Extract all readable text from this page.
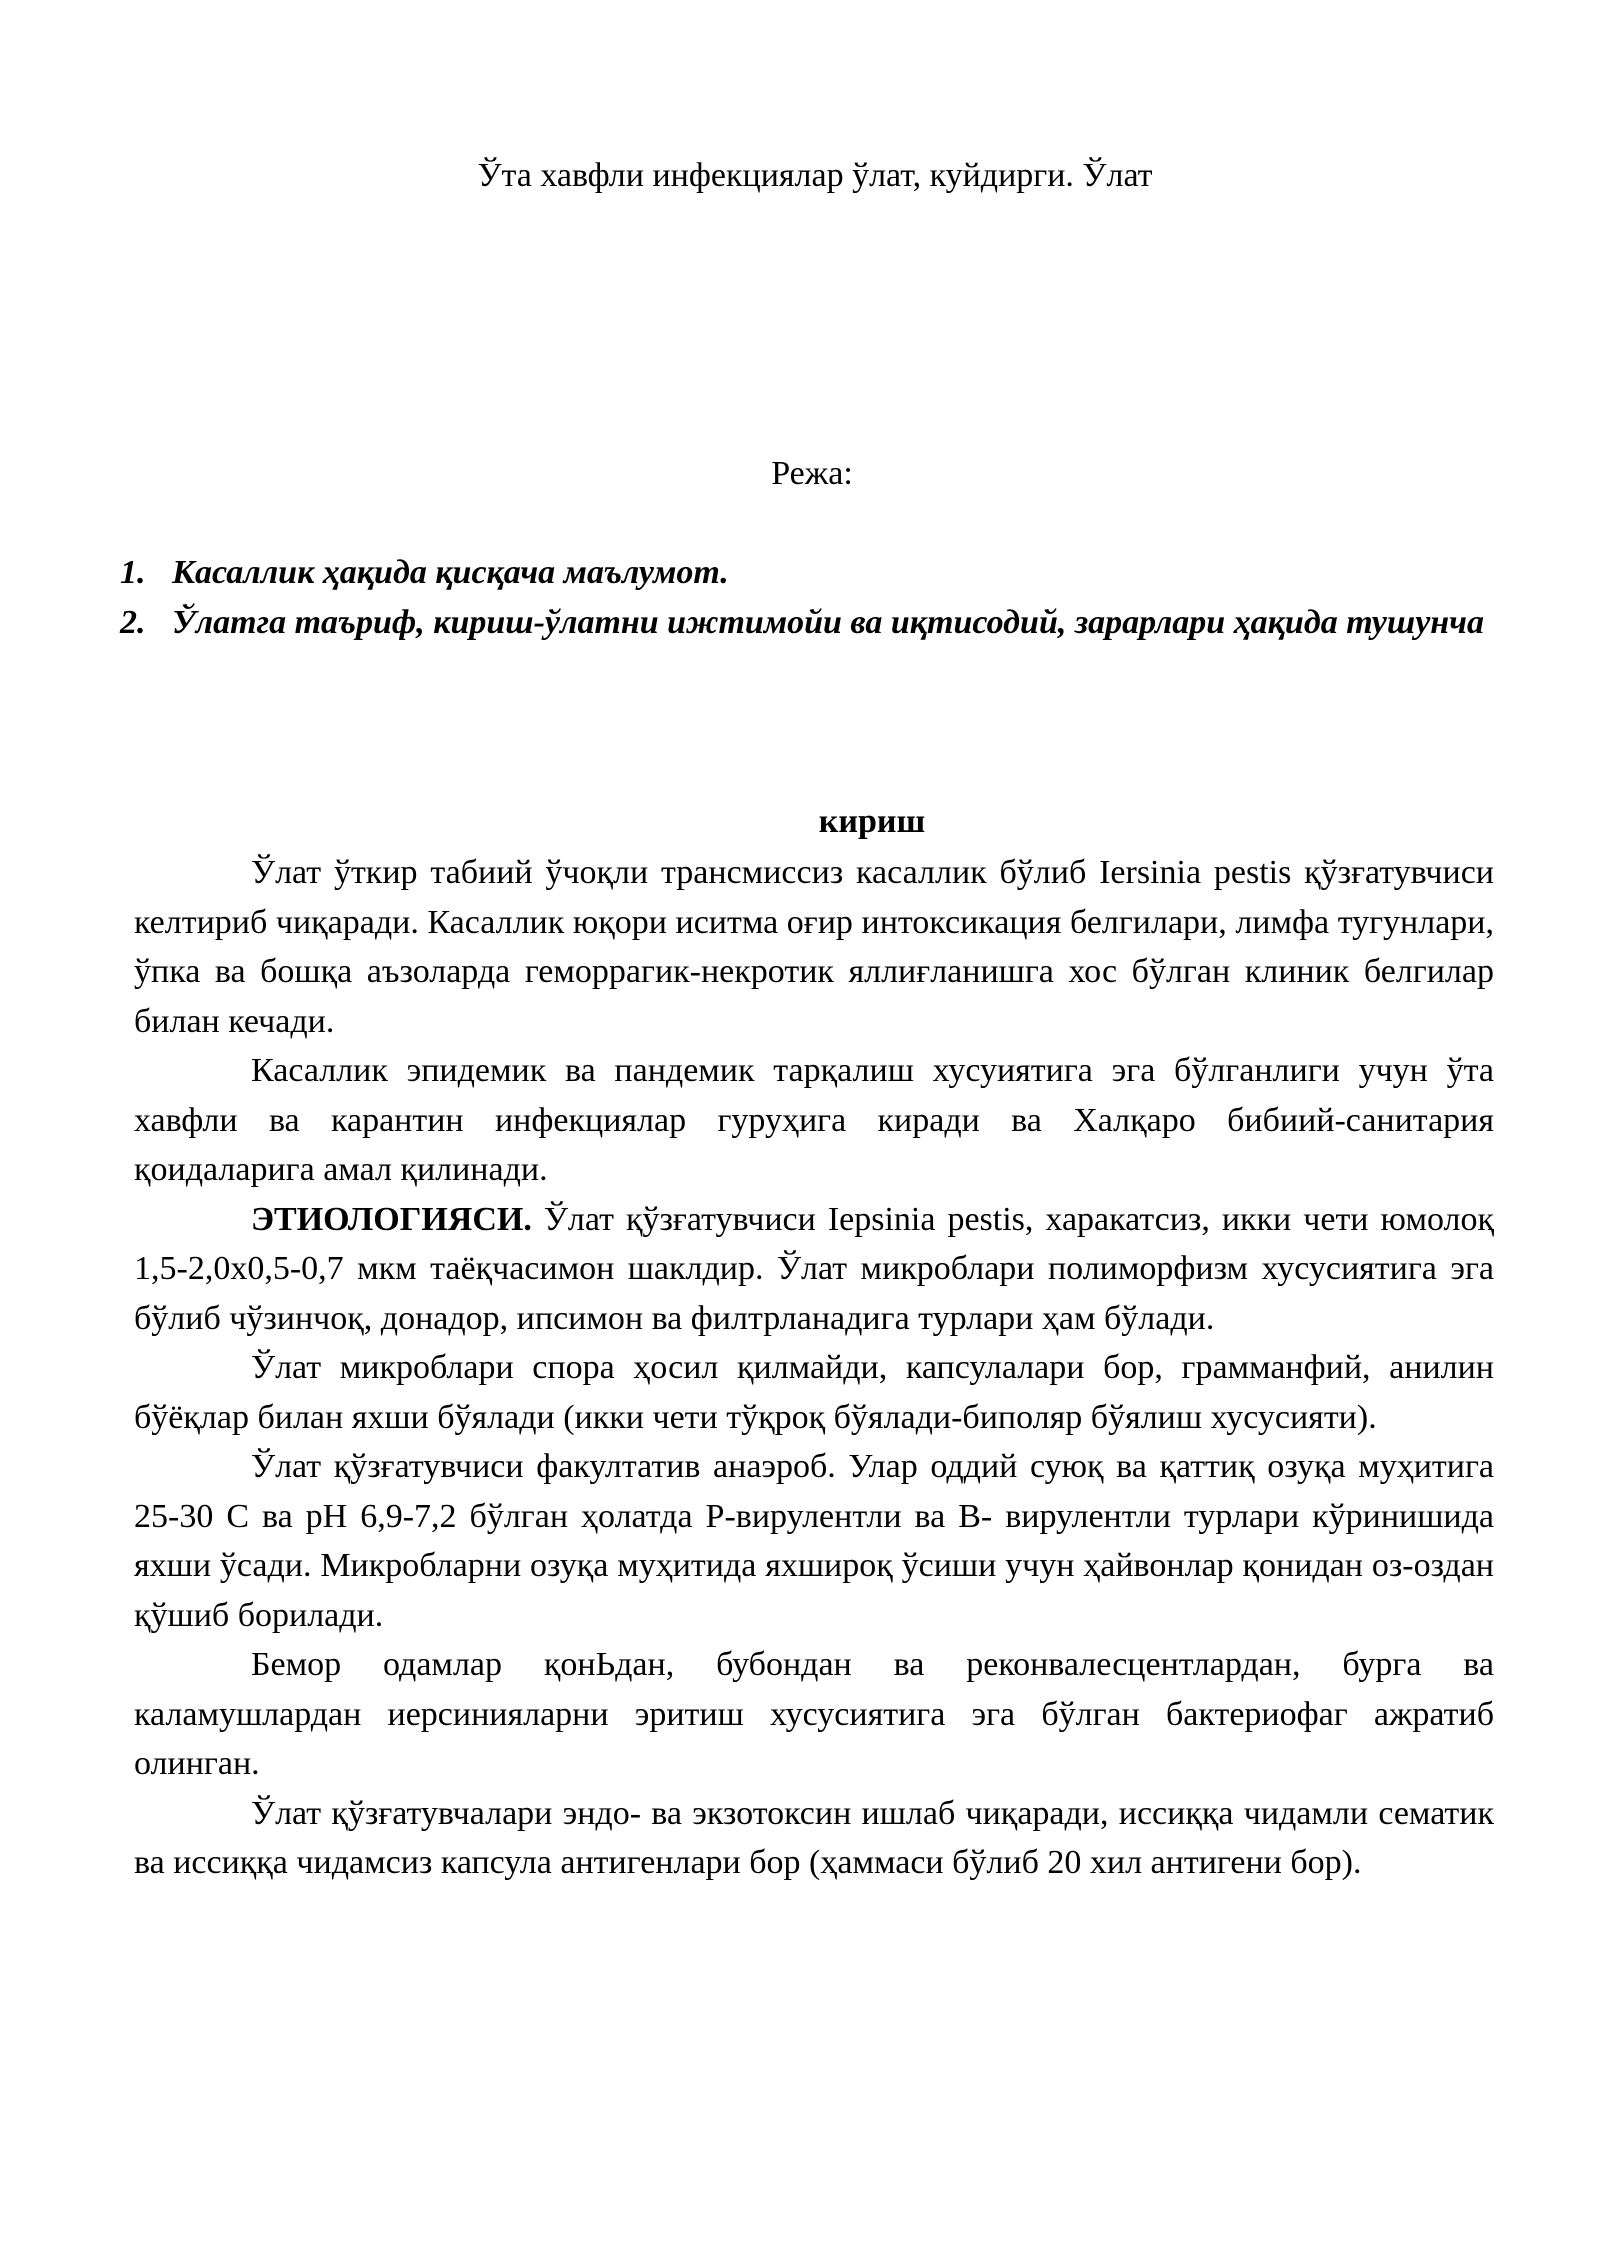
Ўта хавфли инфекциялар ўлат, куйдирги. Ўлат
Режа:
1. Касаллик ҳақида қисқача маълумот.
2. Ўлатга таъриф, кириш-ўлатни ижтимойи ва иқтисодий, зарарлари ҳақида тушунча
кириш

Ўлат ўткир табиий ўчоқли трансмиссиз касаллик бўлиб Iersinia pestis қўзғатувчиси келтириб чиқаради. Касаллик юқори иситма оғир интоксикация белгилари, лимфа тугунлари, ўпка ва бошқа аъзоларда геморрагик-некротик яллиғланишга хос бўлган клиник белгилар билан кечади.

Касаллик эпидемик ва пандемик тарқалиш хусуиятига эга бўлганлиги учун ўта хавфли ва карантин инфекциялар гуруҳига киради ва Халқаро бибиий-санитария қоидаларига амал қилинади.

ЭТИОЛОГИЯСИ. Ўлат қўзғатувчиси Iepsinia pestis, харакатсиз, икки чети юмолоқ 1,5-2,0х0,5-0,7 мкм таёқчасимон шаклдир. Ўлат микроблари полиморфизм хусусиятига эга бўлиб чўзинчоқ, донадор, ипсимон ва филтрланадига турлари ҳам бўлади.

Ўлат микроблари спора ҳосил қилмайди, капсулалари бор, грамманфий, анилин бўёқлар билан яхши бўялади (икки чети тўқроқ бўялади-биполяр бўялиш хусусияти).

Ўлат қўзғатувчиси факултатив анаэроб. Улар оддий суюқ ва қаттиқ озуқа муҳитига 25-30 С ва рН 6,9-7,2 бўлган ҳолатда Р-вирулентли ва В- вирулентли турлари кўринишида яхши ўсади. Микробларни озуқа муҳитида яхшироқ ўсиши учун ҳайвонлар қонидан оз-оздан қўшиб борилади.

Бемор одамлар қонЬдан, бубондан ва реконвалесцентлардан, бурга ва каламушлардан иерсинияларни эритиш хусусиятига эга бўлган бактериофаг ажратиб олинган.

Ўлат қўзғатувчалари эндо- ва экзотоксин ишлаб чиқаради, иссиққа чидамли сематик ва иссиққа чидамсиз капсула антигенлари бор (ҳаммаси бўлиб 20 хил антигени бор).
